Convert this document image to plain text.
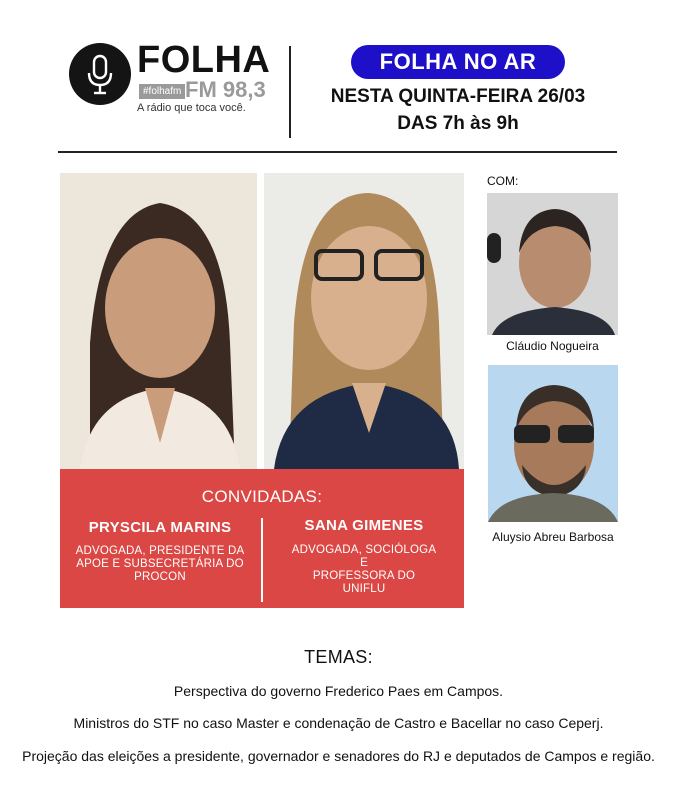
FOLHA
#folhafm FM 98,3
A rádio que toca você.
FOLHA NO AR
NESTA QUINTA-FEIRA 26/03
DAS 7h às 9h
CONVIDADAS:
PRYSCILA MARINS
ADVOGADA, PRESIDENTE DA APOE E SUBSECRETÁRIA DO PROCON
SANA GIMENES
ADVOGADA, SOCIÓLOGA
E
PROFESSORA DO
UNIFLU
COM:
Cláudio Nogueira
Aluysio Abreu Barbosa
TEMAS:
Perspectiva do governo Frederico Paes em Campos.
Ministros do STF no caso Master e condenação de Castro e Bacellar no caso Ceperj.
Projeção das eleições a presidente, governador e senadores do RJ e deputados de Campos e região.
